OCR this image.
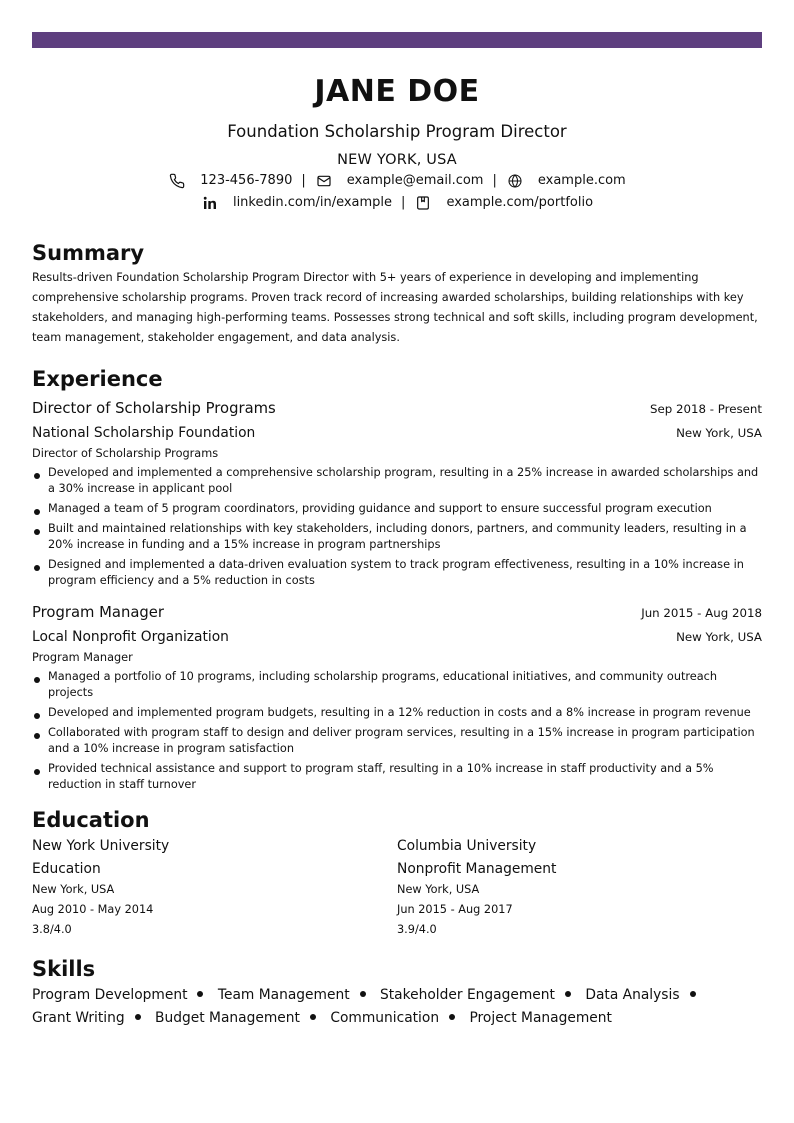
JANE DOE
Foundation Scholarship Program Director
NEW YORK, USA
123-456-7890 |	example@email.com |	example.com
linkedin.com/in/example |	example.com/portfolio
Summary
Results-driven Foundation Scholarship Program Director with 5+ years of experience in developing and implementing comprehensive scholarship programs. Proven track record of increasing awarded scholarships, building relationships with key stakeholders, and managing high-performing teams. Possesses strong technical and soft skills, including program development, team management, stakeholder engagement, and data analysis.
Experience
Director of Scholarship Programs	Sep 2018 - Present
National Scholarship Foundation	New York, USA
Director of Scholarship Programs
Developed and implemented a comprehensive scholarship program, resulting in a 25% increase in awarded scholarships and a 30% increase in applicant pool
Managed a team of 5 program coordinators, providing guidance and support to ensure successful program execution
Built and maintained relationships with key stakeholders, including donors, partners, and community leaders, resulting in a 20% increase in funding and a 15% increase in program partnerships
Designed and implemented a data-driven evaluation system to track program effectiveness, resulting in a 10% increase in program efficiency and a 5% reduction in costs
Program Manager	Jun 2015 - Aug 2018
Local Nonprofit Organization	New York, USA
Program Manager
Managed a portfolio of 10 programs, including scholarship programs, educational initiatives, and community outreach projects
Developed and implemented program budgets, resulting in a 12% reduction in costs and a 8% increase in program revenue
Collaborated with program staff to design and deliver program services, resulting in a 15% increase in program participation and a 10% increase in program satisfaction
Provided technical assistance and support to program staff, resulting in a 10% increase in staff productivity and a 5% reduction in staff turnover
Education
New York University
Education
New York, USA
Aug 2010 - May 2014
3.8/4.0
Columbia University
Nonprofit Management
New York, USA
Jun 2015 - Aug 2017
3.9/4.0
Skills
Program Development Team Management Stakeholder Engagement Data Analysis Grant Writing Budget Management Communication Project Management
